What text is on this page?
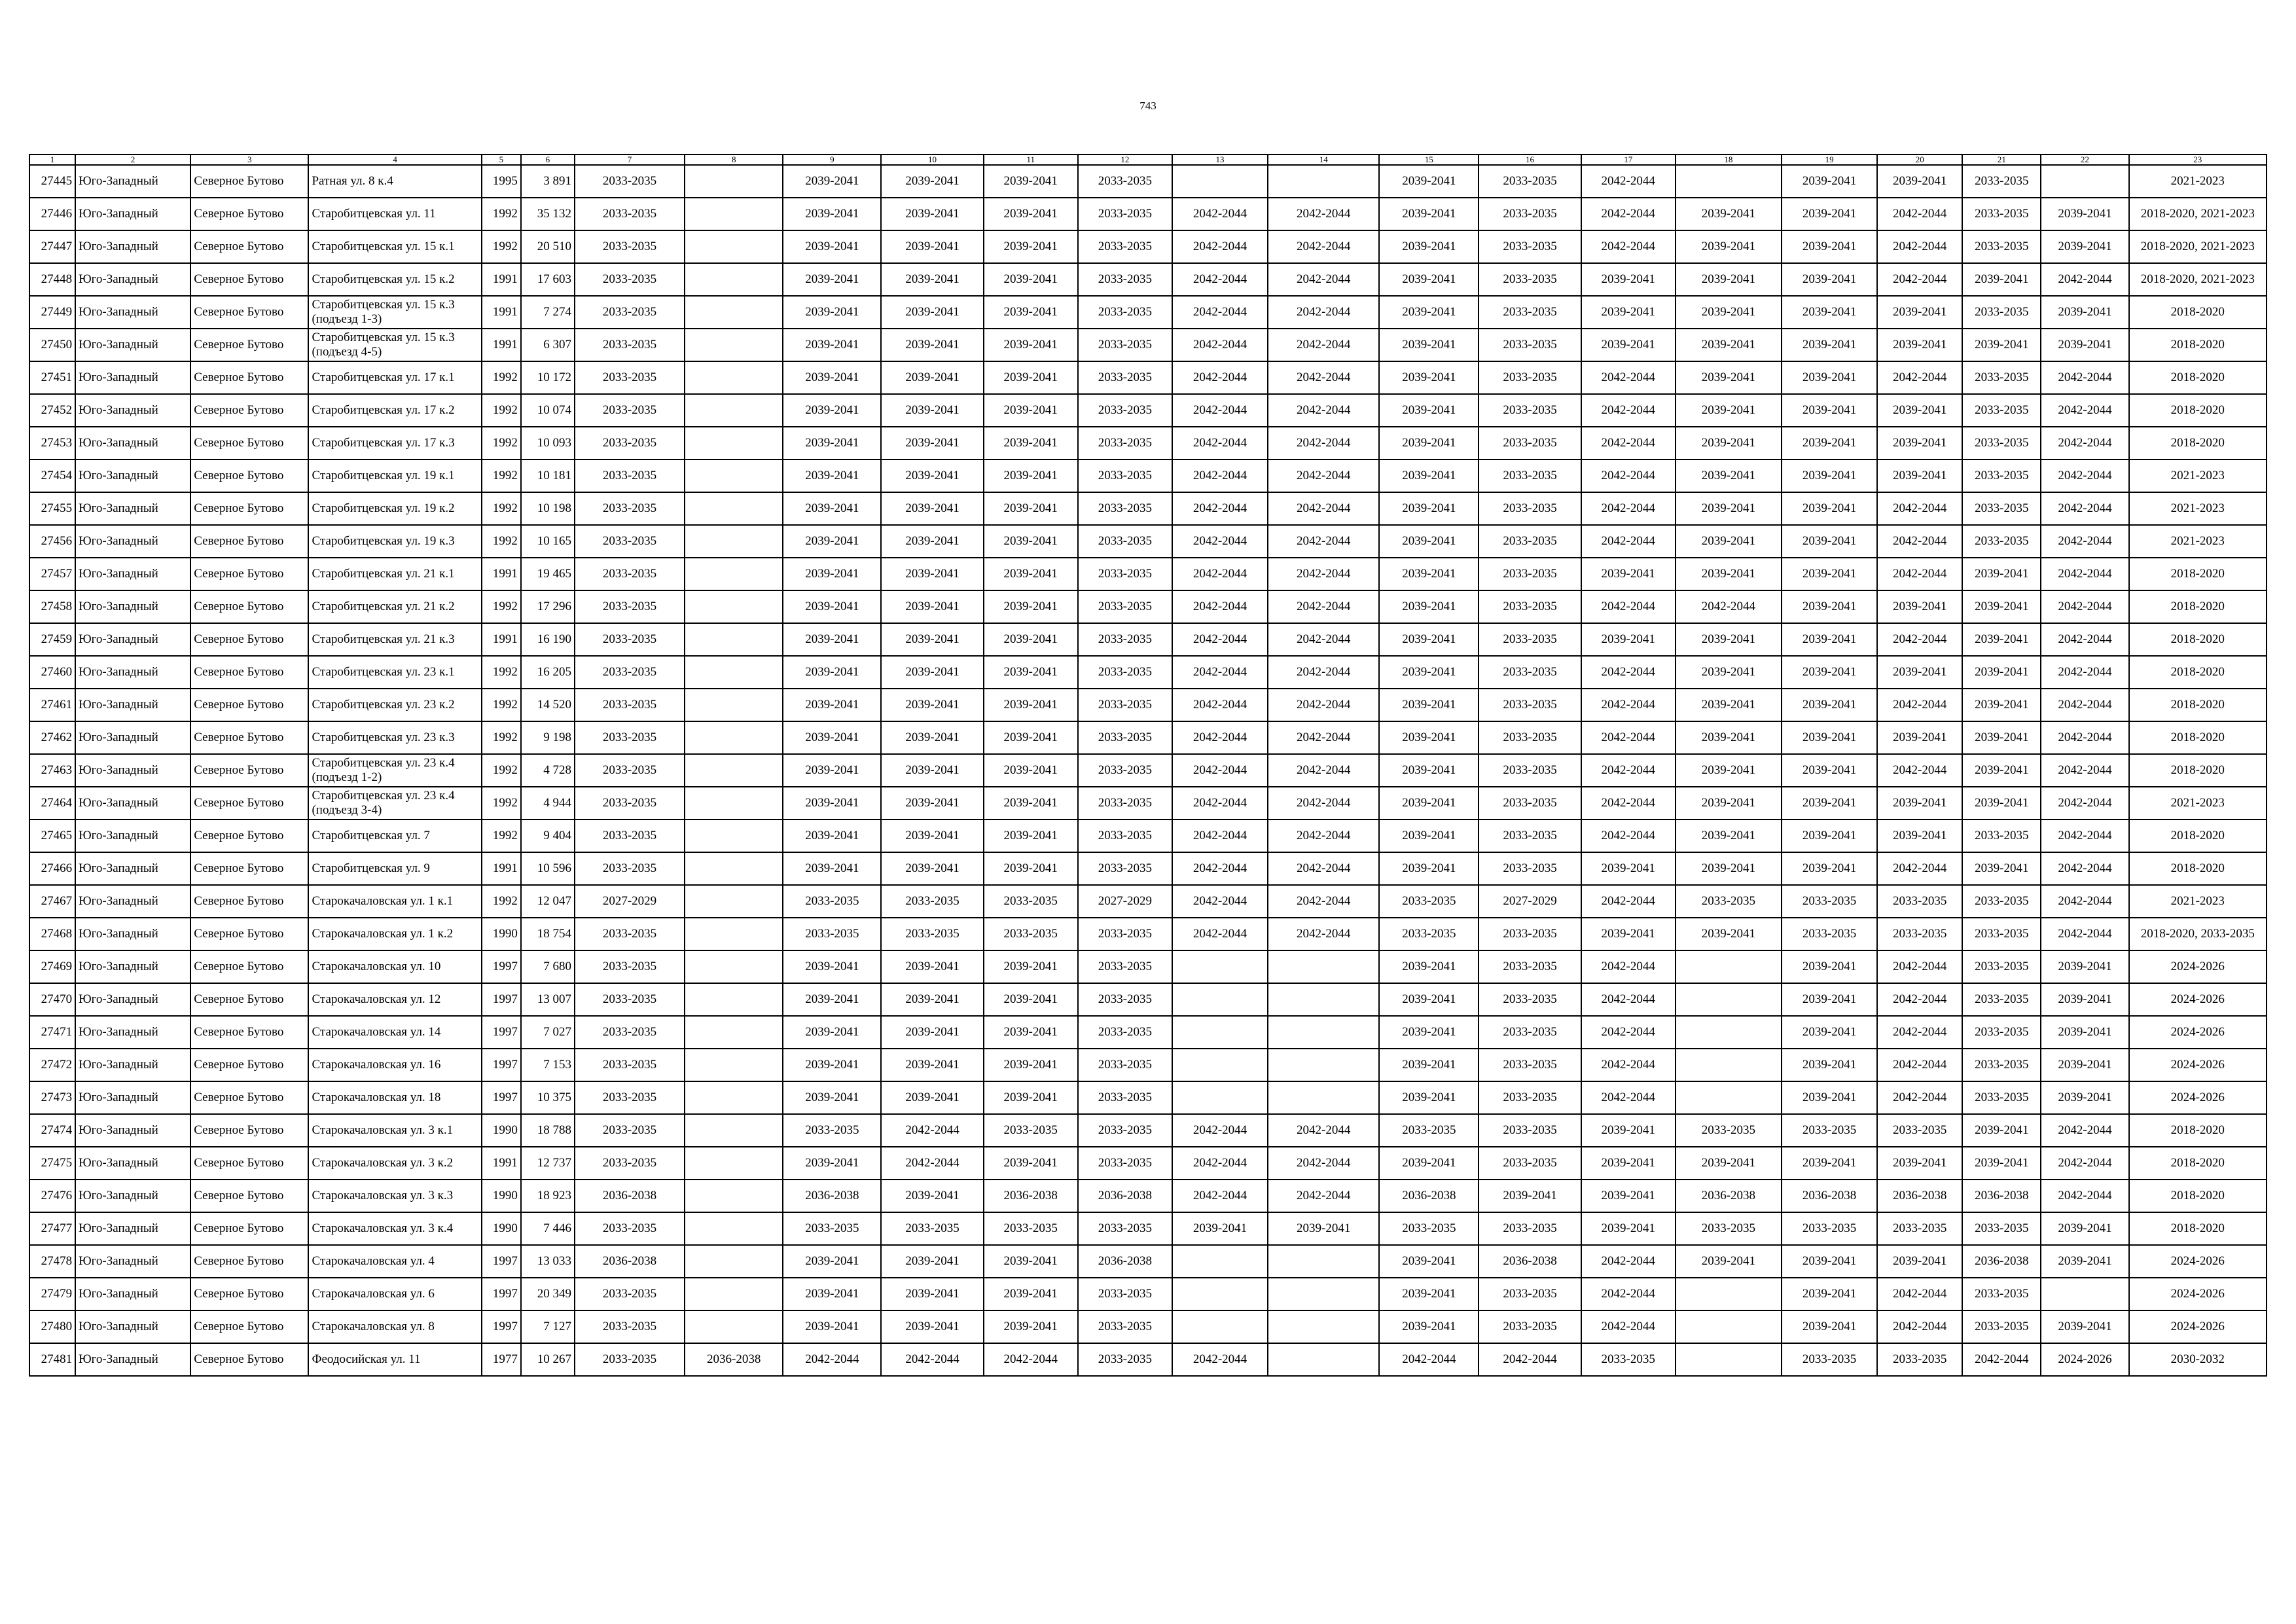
743
1	2	3	4	5	6	7	8	9	10	11	12	13	14	15	16	17	18	19	20	21	22	23
27445	Юго-Западный	Северное Бутово	Ратная ул. 8 к.4	1995	3 891	2033-2035		2039-2041	2039-2041	2039-2041	2033-2035			2039-2041	2033-2035	2042-2044		2039-2041	2039-2041	2033-2035		2021-2023
27446	Юго-Западный	Северное Бутово	Старобитцевская ул. 11	1992	35 132	2033-2035		2039-2041	2039-2041	2039-2041	2033-2035	2042-2044	2042-2044	2039-2041	2033-2035	2042-2044	2039-2041	2039-2041	2042-2044	2033-2035	2039-2041	2018-2020, 2021-2023
27447	Юго-Западный	Северное Бутово	Старобитцевская ул. 15 к.1	1992	20 510	2033-2035		2039-2041	2039-2041	2039-2041	2033-2035	2042-2044	2042-2044	2039-2041	2033-2035	2042-2044	2039-2041	2039-2041	2042-2044	2033-2035	2039-2041	2018-2020, 2021-2023
27448	Юго-Западный	Северное Бутово	Старобитцевская ул. 15 к.2	1991	17 603	2033-2035		2039-2041	2039-2041	2039-2041	2033-2035	2042-2044	2042-2044	2039-2041	2033-2035	2039-2041	2039-2041	2039-2041	2042-2044	2039-2041	2042-2044	2018-2020, 2021-2023
27449	Юго-Западный	Северное Бутово	Старобитцевская ул. 15 к.3 (подъезд 1-3)	1991	7 274	2033-2035		2039-2041	2039-2041	2039-2041	2033-2035	2042-2044	2042-2044	2039-2041	2033-2035	2039-2041	2039-2041	2039-2041	2039-2041	2033-2035	2039-2041	2018-2020
27450	Юго-Западный	Северное Бутово	Старобитцевская ул. 15 к.3 (подъезд 4-5)	1991	6 307	2033-2035		2039-2041	2039-2041	2039-2041	2033-2035	2042-2044	2042-2044	2039-2041	2033-2035	2039-2041	2039-2041	2039-2041	2039-2041	2039-2041	2039-2041	2018-2020
27451	Юго-Западный	Северное Бутово	Старобитцевская ул. 17 к.1	1992	10 172	2033-2035		2039-2041	2039-2041	2039-2041	2033-2035	2042-2044	2042-2044	2039-2041	2033-2035	2042-2044	2039-2041	2039-2041	2042-2044	2033-2035	2042-2044	2018-2020
27452	Юго-Западный	Северное Бутово	Старобитцевская ул. 17 к.2	1992	10 074	2033-2035		2039-2041	2039-2041	2039-2041	2033-2035	2042-2044	2042-2044	2039-2041	2033-2035	2042-2044	2039-2041	2039-2041	2039-2041	2033-2035	2042-2044	2018-2020
27453	Юго-Западный	Северное Бутово	Старобитцевская ул. 17 к.3	1992	10 093	2033-2035		2039-2041	2039-2041	2039-2041	2033-2035	2042-2044	2042-2044	2039-2041	2033-2035	2042-2044	2039-2041	2039-2041	2039-2041	2033-2035	2042-2044	2018-2020
27454	Юго-Западный	Северное Бутово	Старобитцевская ул. 19 к.1	1992	10 181	2033-2035		2039-2041	2039-2041	2039-2041	2033-2035	2042-2044	2042-2044	2039-2041	2033-2035	2042-2044	2039-2041	2039-2041	2039-2041	2033-2035	2042-2044	2021-2023
27455	Юго-Западный	Северное Бутово	Старобитцевская ул. 19 к.2	1992	10 198	2033-2035		2039-2041	2039-2041	2039-2041	2033-2035	2042-2044	2042-2044	2039-2041	2033-2035	2042-2044	2039-2041	2039-2041	2042-2044	2033-2035	2042-2044	2021-2023
27456	Юго-Западный	Северное Бутово	Старобитцевская ул. 19 к.3	1992	10 165	2033-2035		2039-2041	2039-2041	2039-2041	2033-2035	2042-2044	2042-2044	2039-2041	2033-2035	2042-2044	2039-2041	2039-2041	2042-2044	2033-2035	2042-2044	2021-2023
27457	Юго-Западный	Северное Бутово	Старобитцевская ул. 21 к.1	1991	19 465	2033-2035		2039-2041	2039-2041	2039-2041	2033-2035	2042-2044	2042-2044	2039-2041	2033-2035	2039-2041	2039-2041	2039-2041	2042-2044	2039-2041	2042-2044	2018-2020
27458	Юго-Западный	Северное Бутово	Старобитцевская ул. 21 к.2	1992	17 296	2033-2035		2039-2041	2039-2041	2039-2041	2033-2035	2042-2044	2042-2044	2039-2041	2033-2035	2042-2044	2042-2044	2039-2041	2039-2041	2039-2041	2042-2044	2018-2020
27459	Юго-Западный	Северное Бутово	Старобитцевская ул. 21 к.3	1991	16 190	2033-2035		2039-2041	2039-2041	2039-2041	2033-2035	2042-2044	2042-2044	2039-2041	2033-2035	2039-2041	2039-2041	2039-2041	2042-2044	2039-2041	2042-2044	2018-2020
27460	Юго-Западный	Северное Бутово	Старобитцевская ул. 23 к.1	1992	16 205	2033-2035		2039-2041	2039-2041	2039-2041	2033-2035	2042-2044	2042-2044	2039-2041	2033-2035	2042-2044	2039-2041	2039-2041	2039-2041	2039-2041	2042-2044	2018-2020
27461	Юго-Западный	Северное Бутово	Старобитцевская ул. 23 к.2	1992	14 520	2033-2035		2039-2041	2039-2041	2039-2041	2033-2035	2042-2044	2042-2044	2039-2041	2033-2035	2042-2044	2039-2041	2039-2041	2042-2044	2039-2041	2042-2044	2018-2020
27462	Юго-Западный	Северное Бутово	Старобитцевская ул. 23 к.3	1992	9 198	2033-2035		2039-2041	2039-2041	2039-2041	2033-2035	2042-2044	2042-2044	2039-2041	2033-2035	2042-2044	2039-2041	2039-2041	2039-2041	2039-2041	2042-2044	2018-2020
27463	Юго-Западный	Северное Бутово	Старобитцевская ул. 23 к.4 (подъезд 1-2)	1992	4 728	2033-2035		2039-2041	2039-2041	2039-2041	2033-2035	2042-2044	2042-2044	2039-2041	2033-2035	2042-2044	2039-2041	2039-2041	2042-2044	2039-2041	2042-2044	2018-2020
27464	Юго-Западный	Северное Бутово	Старобитцевская ул. 23 к.4 (подъезд 3-4)	1992	4 944	2033-2035		2039-2041	2039-2041	2039-2041	2033-2035	2042-2044	2042-2044	2039-2041	2033-2035	2042-2044	2039-2041	2039-2041	2039-2041	2039-2041	2042-2044	2021-2023
27465	Юго-Западный	Северное Бутово	Старобитцевская ул. 7	1992	9 404	2033-2035		2039-2041	2039-2041	2039-2041	2033-2035	2042-2044	2042-2044	2039-2041	2033-2035	2042-2044	2039-2041	2039-2041	2039-2041	2033-2035	2042-2044	2018-2020
27466	Юго-Западный	Северное Бутово	Старобитцевская ул. 9	1991	10 596	2033-2035		2039-2041	2039-2041	2039-2041	2033-2035	2042-2044	2042-2044	2039-2041	2033-2035	2039-2041	2039-2041	2039-2041	2042-2044	2039-2041	2042-2044	2018-2020
27467	Юго-Западный	Северное Бутово	Старокачаловская ул. 1 к.1	1992	12 047	2027-2029		2033-2035	2033-2035	2033-2035	2027-2029	2042-2044	2042-2044	2033-2035	2027-2029	2042-2044	2033-2035	2033-2035	2033-2035	2033-2035	2042-2044	2021-2023
27468	Юго-Западный	Северное Бутово	Старокачаловская ул. 1 к.2	1990	18 754	2033-2035		2033-2035	2033-2035	2033-2035	2033-2035	2042-2044	2042-2044	2033-2035	2033-2035	2039-2041	2039-2041	2033-2035	2033-2035	2033-2035	2042-2044	2018-2020, 2033-2035
27469	Юго-Западный	Северное Бутово	Старокачаловская ул. 10	1997	7 680	2033-2035		2039-2041	2039-2041	2039-2041	2033-2035			2039-2041	2033-2035	2042-2044		2039-2041	2042-2044	2033-2035	2039-2041	2024-2026
27470	Юго-Западный	Северное Бутово	Старокачаловская ул. 12	1997	13 007	2033-2035		2039-2041	2039-2041	2039-2041	2033-2035			2039-2041	2033-2035	2042-2044		2039-2041	2042-2044	2033-2035	2039-2041	2024-2026
27471	Юго-Западный	Северное Бутово	Старокачаловская ул. 14	1997	7 027	2033-2035		2039-2041	2039-2041	2039-2041	2033-2035			2039-2041	2033-2035	2042-2044		2039-2041	2042-2044	2033-2035	2039-2041	2024-2026
27472	Юго-Западный	Северное Бутово	Старокачаловская ул. 16	1997	7 153	2033-2035		2039-2041	2039-2041	2039-2041	2033-2035			2039-2041	2033-2035	2042-2044		2039-2041	2042-2044	2033-2035	2039-2041	2024-2026
27473	Юго-Западный	Северное Бутово	Старокачаловская ул. 18	1997	10 375	2033-2035		2039-2041	2039-2041	2039-2041	2033-2035			2039-2041	2033-2035	2042-2044		2039-2041	2042-2044	2033-2035	2039-2041	2024-2026
27474	Юго-Западный	Северное Бутово	Старокачаловская ул. 3 к.1	1990	18 788	2033-2035		2033-2035	2042-2044	2033-2035	2033-2035	2042-2044	2042-2044	2033-2035	2033-2035	2039-2041	2033-2035	2033-2035	2033-2035	2039-2041	2042-2044	2018-2020
27475	Юго-Западный	Северное Бутово	Старокачаловская ул. 3 к.2	1991	12 737	2033-2035		2039-2041	2042-2044	2039-2041	2033-2035	2042-2044	2042-2044	2039-2041	2033-2035	2039-2041	2039-2041	2039-2041	2039-2041	2039-2041	2042-2044	2018-2020
27476	Юго-Западный	Северное Бутово	Старокачаловская ул. 3 к.3	1990	18 923	2036-2038		2036-2038	2039-2041	2036-2038	2036-2038	2042-2044	2042-2044	2036-2038	2039-2041	2039-2041	2036-2038	2036-2038	2036-2038	2036-2038	2042-2044	2018-2020
27477	Юго-Западный	Северное Бутово	Старокачаловская ул. 3 к.4	1990	7 446	2033-2035		2033-2035	2033-2035	2033-2035	2033-2035	2039-2041	2039-2041	2033-2035	2033-2035	2039-2041	2033-2035	2033-2035	2033-2035	2033-2035	2039-2041	2018-2020
27478	Юго-Западный	Северное Бутово	Старокачаловская ул. 4	1997	13 033	2036-2038		2039-2041	2039-2041	2039-2041	2036-2038			2039-2041	2036-2038	2042-2044	2039-2041	2039-2041	2039-2041	2036-2038	2039-2041	2024-2026
27479	Юго-Западный	Северное Бутово	Старокачаловская ул. 6	1997	20 349	2033-2035		2039-2041	2039-2041	2039-2041	2033-2035			2039-2041	2033-2035	2042-2044		2039-2041	2042-2044	2033-2035		2024-2026
27480	Юго-Западный	Северное Бутово	Старокачаловская ул. 8	1997	7 127	2033-2035		2039-2041	2039-2041	2039-2041	2033-2035			2039-2041	2033-2035	2042-2044		2039-2041	2042-2044	2033-2035	2039-2041	2024-2026
27481	Юго-Западный	Северное Бутово	Феодосийская ул. 11	1977	10 267	2033-2035	2036-2038	2042-2044	2042-2044	2042-2044	2033-2035	2042-2044		2042-2044	2042-2044	2033-2035		2033-2035	2033-2035	2042-2044	2024-2026	2030-2032
